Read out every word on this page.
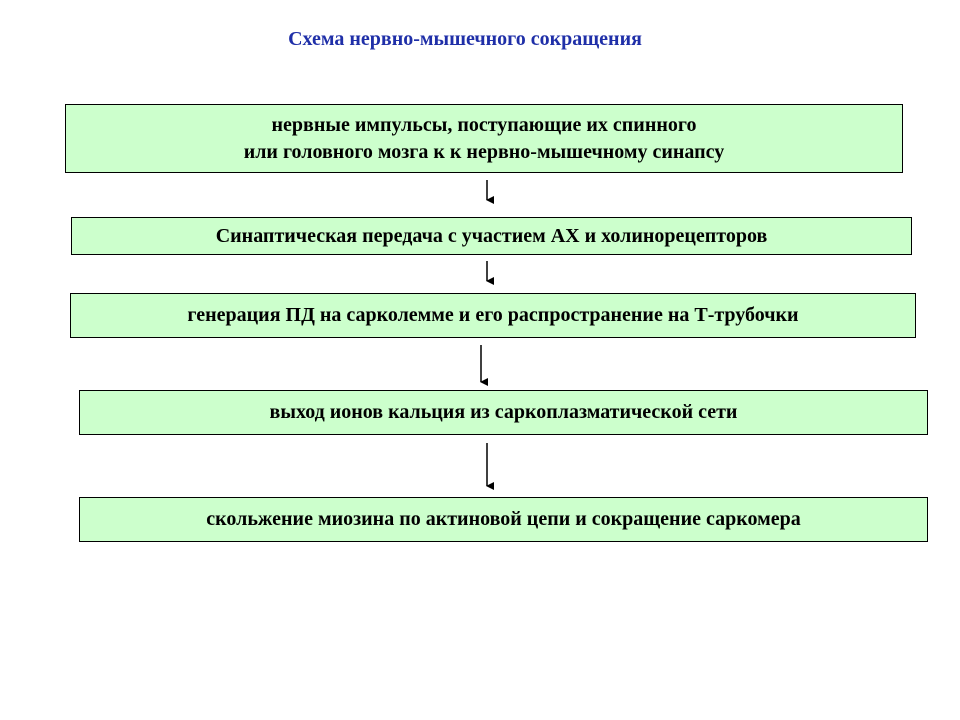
Схема нервно-мышечного сокращения
нервные импульсы, поступающие их спинного
или головного мозга к к нервно-мышечному синапсу
Синаптическая передача с участием АХ и холинорецепторов
генерация ПД на сарколемме и его распространение на Т-трубочки
выход ионов кальция из саркоплазматической сети
скольжение миозина по актиновой цепи и сокращение саркомера
